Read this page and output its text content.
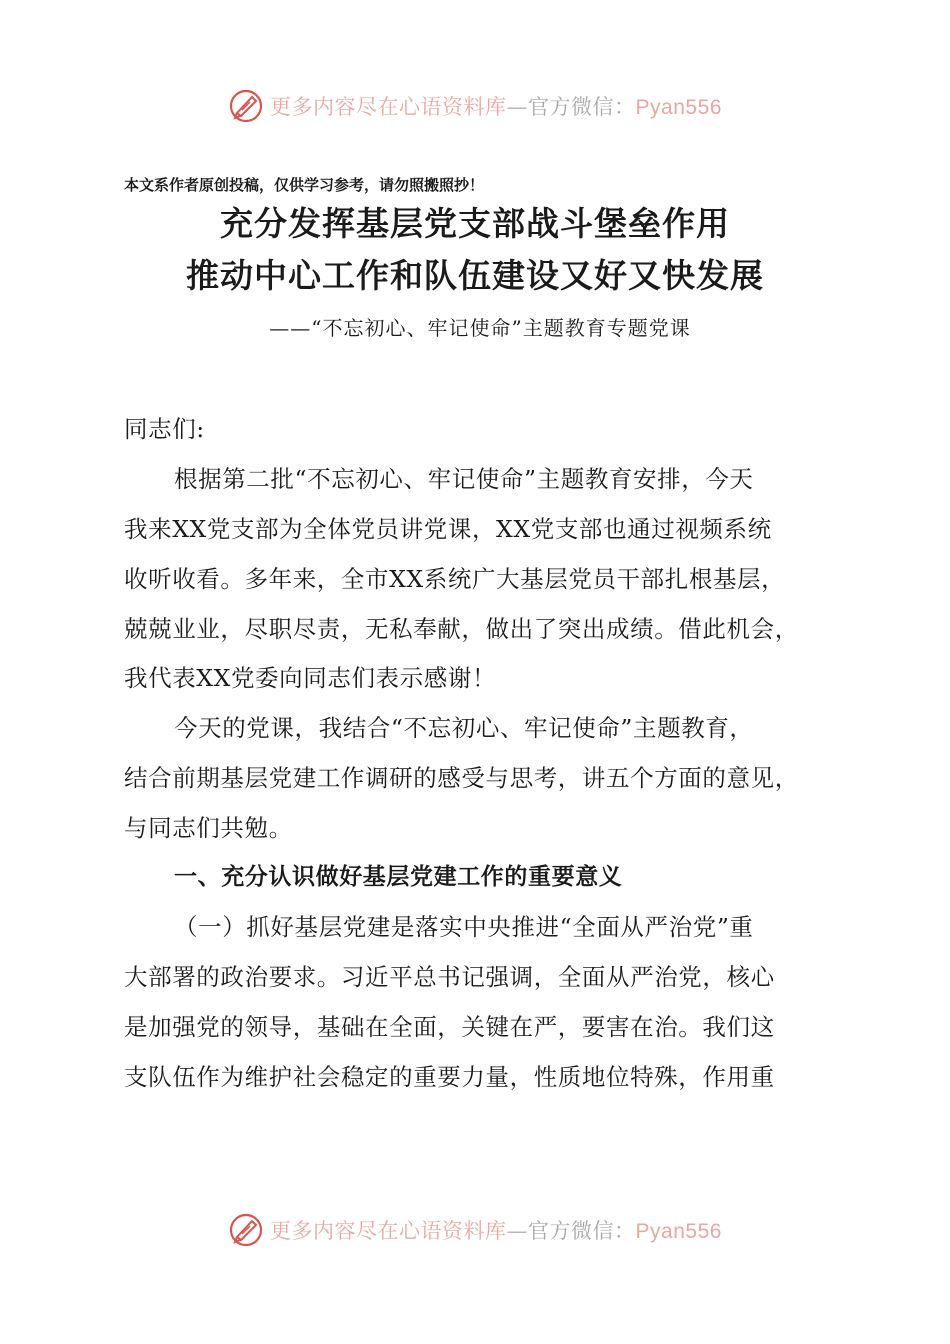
更多内容尽在心语资料库—官方微信：Pyan556
本文系作者原创投稿，仅供学习参考，请勿照搬照抄！
充分发挥基层党支部战斗堡垒作用
推动中心工作和队伍建设又好又快发展
——“不忘初心、牢记使命”主题教育专题党课
同志们:
根据第二批“不忘初心、牢记使命”主题教育安排，今天
我来XX党支部为全体党员讲党课，XX党支部也通过视频系统
收听收看。多年来，全市XX系统广大基层党员干部扎根基层，
兢兢业业，尽职尽责，无私奉献，做出了突出成绩。借此机会，
我代表XX党委向同志们表示感谢！
今天的党课，我结合“不忘初心、牢记使命”主题教育，
结合前期基层党建工作调研的感受与思考，讲五个方面的意见，
与同志们共勉。
一、充分认识做好基层党建工作的重要意义
（一）抓好基层党建是落实中央推进“全面从严治党”重
大部署的政治要求。习近平总书记强调，全面从严治党，核心
是加强党的领导，基础在全面，关键在严，要害在治。我们这
支队伍作为维护社会稳定的重要力量，性质地位特殊，作用重
更多内容尽在心语资料库—官方微信：Pyan556
